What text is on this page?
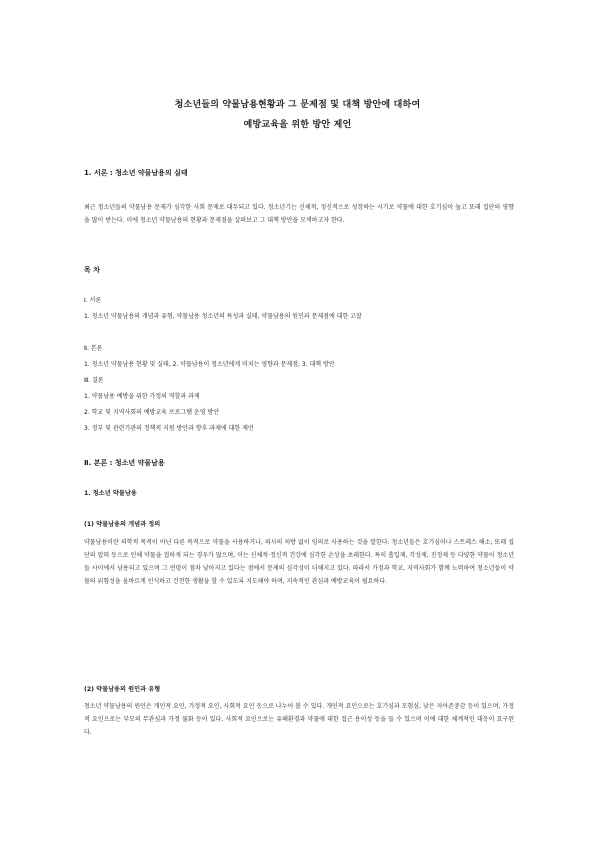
청소년들의 약물남용현황과 그 문제점 및 대책 방안에 대하여
예방교육을 위한 방안 제언
1. 서론 : 청소년 약물남용의 실태
최근 청소년들의 약물남용 문제가 심각한 사회 문제로 대두되고 있다. 청소년기는 신체적, 정신적으로 성장하는 시기로 약물에 대한 호기심이 높고 또래 집단의 영향을 많이 받는다. 이에 청소년 약물남용의 현황과 문제점을 살펴보고 그 대책 방안을 모색하고자 한다.
목 차
Ⅰ. 서론
1. 청소년 약물남용의 개념과 유형, 약물남용 청소년의 특성과 실태, 약물남용의 원인과 문제점에 대한 고찰
Ⅱ. 본론
1. 청소년 약물남용 현황 및 실태, 2. 약물남용이 청소년에게 미치는 영향과 문제점, 3. 대책 방안
Ⅲ. 결론
1. 약물남용 예방을 위한 가정의 역할과 과제
2. 학교 및 지역사회의 예방교육 프로그램 운영 방안
3. 정부 및 관련기관의 정책적 지원 방안과 향후 과제에 대한 제언
Ⅱ. 본론 : 청소년 약물남용
1. 청소년 약물남용
(1) 약물남용의 개념과 정의
약물남용이란 의학적 목적이 아닌 다른 목적으로 약물을 사용하거나, 의사의 처방 없이 임의로 사용하는 것을 말한다. 청소년들은 호기심이나 스트레스 해소, 또래 집단의 압력 등으로 인해 약물을 접하게 되는 경우가 많으며, 이는 신체적·정신적 건강에 심각한 손상을 초래한다. 특히 흡입제, 각성제, 진정제 등 다양한 약물이 청소년들 사이에서 남용되고 있으며 그 연령이 점차 낮아지고 있다는 점에서 문제의 심각성이 더해지고 있다. 따라서 가정과 학교, 지역사회가 함께 노력하여 청소년들이 약물의 위험성을 올바르게 인식하고 건전한 생활을 할 수 있도록 지도해야 하며, 지속적인 관심과 예방교육이 필요하다.
(2) 약물남용의 원인과 유형
청소년 약물남용의 원인은 개인적 요인, 가정적 요인, 사회적 요인 등으로 나누어 볼 수 있다. 개인적 요인으로는 호기심과 모험심, 낮은 자아존중감 등이 있으며, 가정적 요인으로는 부모의 무관심과 가정 불화 등이 있다. 사회적 요인으로는 유해환경과 약물에 대한 접근 용이성 등을 들 수 있으며 이에 대한 체계적인 대응이 요구된다.
